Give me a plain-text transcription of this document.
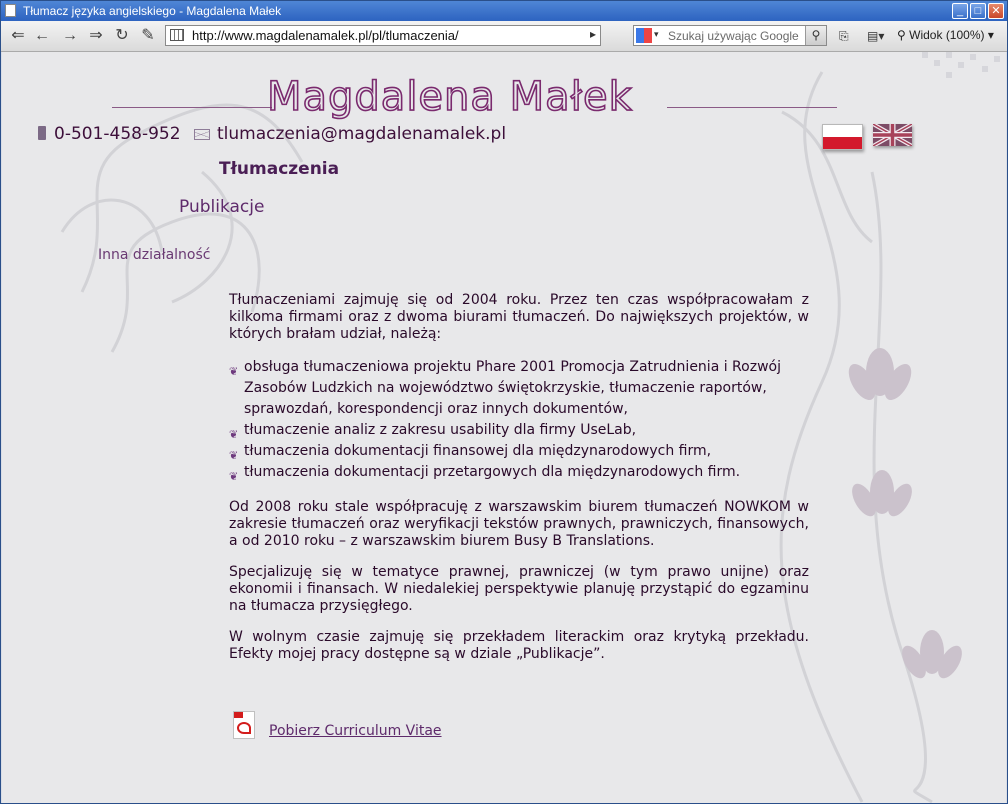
Tłumacz języka angielskiego - Magdalena Małek	_	□ ✕
⇐ ← → ⇒ ↻ ✎	http://www.magdalenamalek.pl/pl/tlumaczenia/	▸	▾ Szukaj używając Google	⚲	⎘ ▤▾ ⚲ Widok (100%) ▾
Magdalena Małek
0-501-458-952 tlumaczenia@magdalenamalek.pl
Tłumaczenia
Publikacje
Inna działalność

Tłumaczeniami zajmuję się od 2004 roku. Przez ten czas współpracowałam z kilkoma firmami oraz z dwoma biurami tłumaczeń. Do największych projektów, w których brałam udział, należą:

❦ obsługa tłumaczeniowa projektu Phare 2001 Promocja Zatrudnienia i Rozwój Zasobów Ludzkich na województwo świętokrzyskie, tłumaczenie raportów, sprawozdań, korespondencji oraz innych dokumentów,
❦ tłumaczenie analiz z zakresu usability dla firmy UseLab,
❦ tłumaczenia dokumentacji finansowej dla międzynarodowych firm,
❦ tłumaczenia dokumentacji przetargowych dla międzynarodowych firm.

Od 2008 roku stale współpracuję z warszawskim biurem tłumaczeń NOWKOM w zakresie tłumaczeń oraz weryfikacji tekstów prawnych, prawniczych, finansowych, a od 2010 roku – z warszawskim biurem Busy B Translations.

Specjalizuję się w tematyce prawnej, prawniczej (w tym prawo unijne) oraz ekonomii i finansach. W niedalekiej perspektywie planuję przystąpić do egzaminu na tłumacza przysięgłego.

W wolnym czasie zajmuję się przekładem literackim oraz krytyką przekładu. Efekty mojej pracy dostępne są w dziale „Publikacje”.

Pobierz Curriculum Vitae
